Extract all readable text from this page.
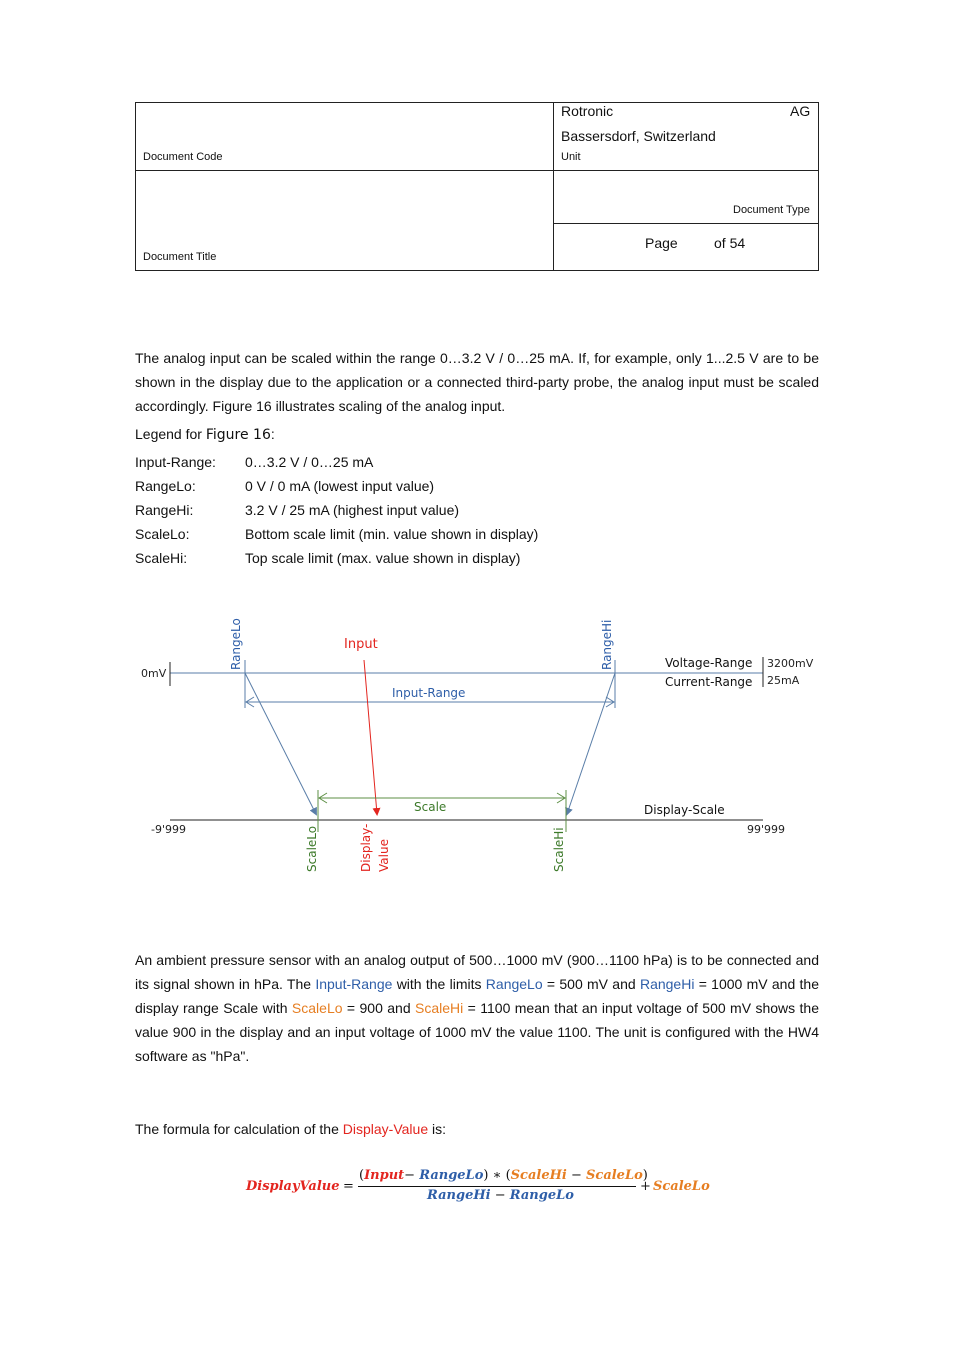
Rotronic	AG
Bassersdorf, Switzerland
Document Code	Unit
Document Type
Page	of 54
Document Title

The analog input can be scaled within the range 0…3.2 V / 0…25 mA. If, for example, only 1...2.5 V are to be shown in the display due to the application or a connected third-party probe, the analog input must be scaled accordingly. Figure 16 illustrates scaling of the analog input.

Legend for Figure 16:
Input-Range:	0…3.2 V / 0…25 mA
RangeLo:	0 V / 0 mA (lowest input value)
RangeHi:	3.2 V / 25 mA (highest input value)
ScaleLo:	Bottom scale limit (min. value shown in display)
ScaleHi:	Top scale limit (max. value shown in display)
RangeLo	RangeHi
Input
0mV
Voltage-Range
Current-Range
3200mV
25mA
Input-Range
Scale	Display-Scale
-9'999	99'999
ScaleLo	ScaleHi
Display- Value

An ambient pressure sensor with an analog output of 500…1000 mV (900…1100 hPa) is to be connected and its signal shown in hPa. The Input-Range with the limits RangeLo = 500 mV and RangeHi = 1000 mV and the display range Scale with ScaleLo = 900 and ScaleHi = 1100 mean that an input voltage of 500 mV shows the value 900 in the display and an input voltage of 1000 mV the value 1100. The unit is configured with the HW4 software as "hPa".

The formula for calculation of the Display-Value is:
DisplayValue =
(Input− RangeLo) ∗ (ScaleHi − ScaleLo)
RangeHi − RangeLo
+ ScaleLo
